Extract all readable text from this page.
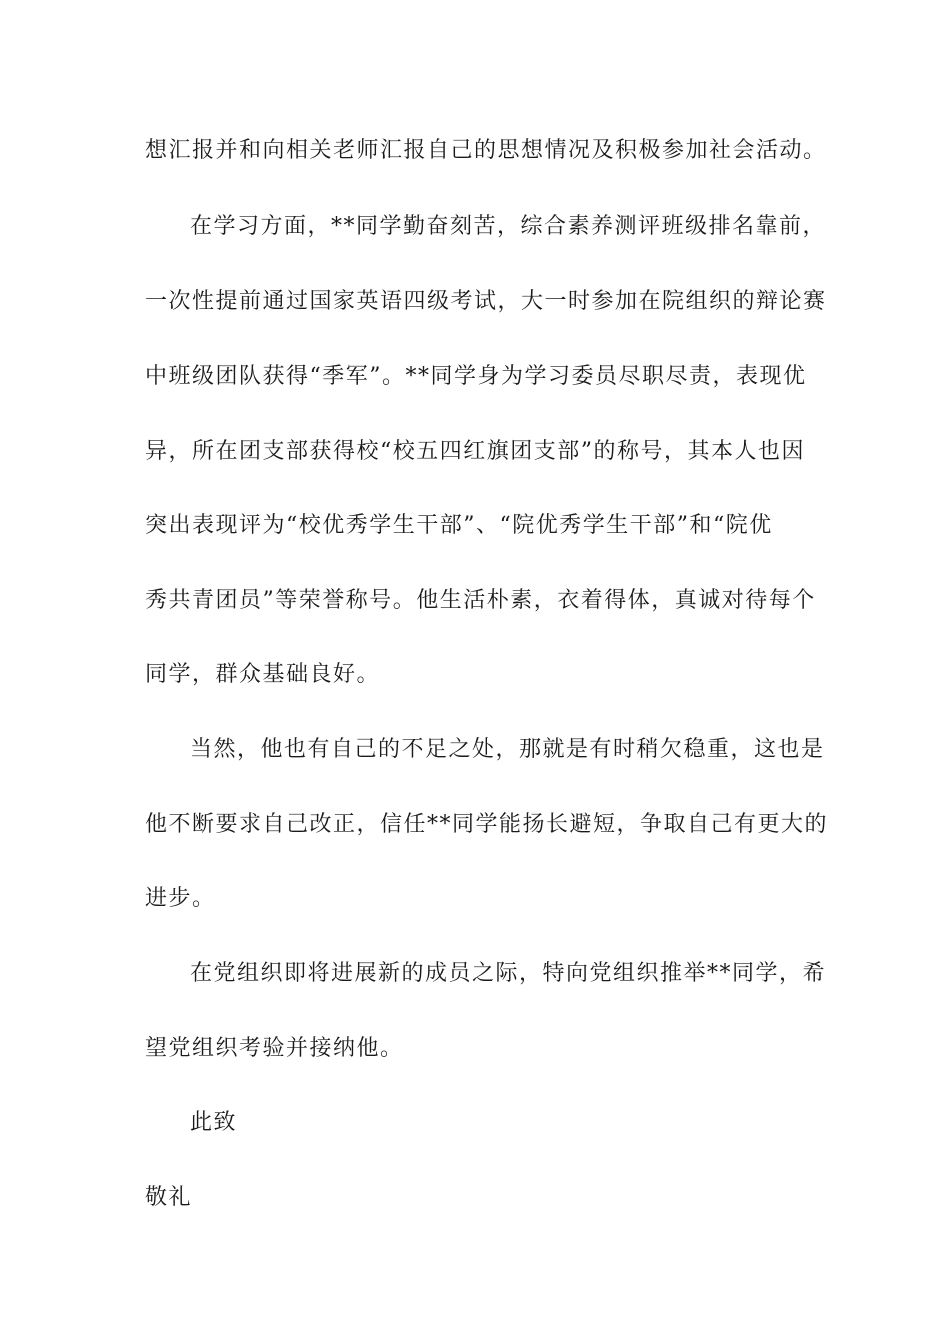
想汇报并和向相关老师汇报自己的思想情况及积极参加社会活动。
在学习方面，**同学勤奋刻苦，综合素养测评班级排名靠前，
一次性提前通过国家英语四级考试，大一时参加在院组织的辩论赛
中班级团队获得“季军”。**同学身为学习委员尽职尽责，表现优
异，所在团支部获得校“校五四红旗团支部”的称号，其本人也因
突出表现评为“校优秀学生干部”、“院优秀学生干部”和“院优
秀共青团员”等荣誉称号。他生活朴素，衣着得体，真诚对待每个
同学，群众基础良好。
当然，他也有自己的不足之处，那就是有时稍欠稳重，这也是
他不断要求自己改正，信任**同学能扬长避短，争取自己有更大的
进步。
在党组织即将进展新的成员之际，特向党组织推举**同学，希
望党组织考验并接纳他。
此致
敬礼
